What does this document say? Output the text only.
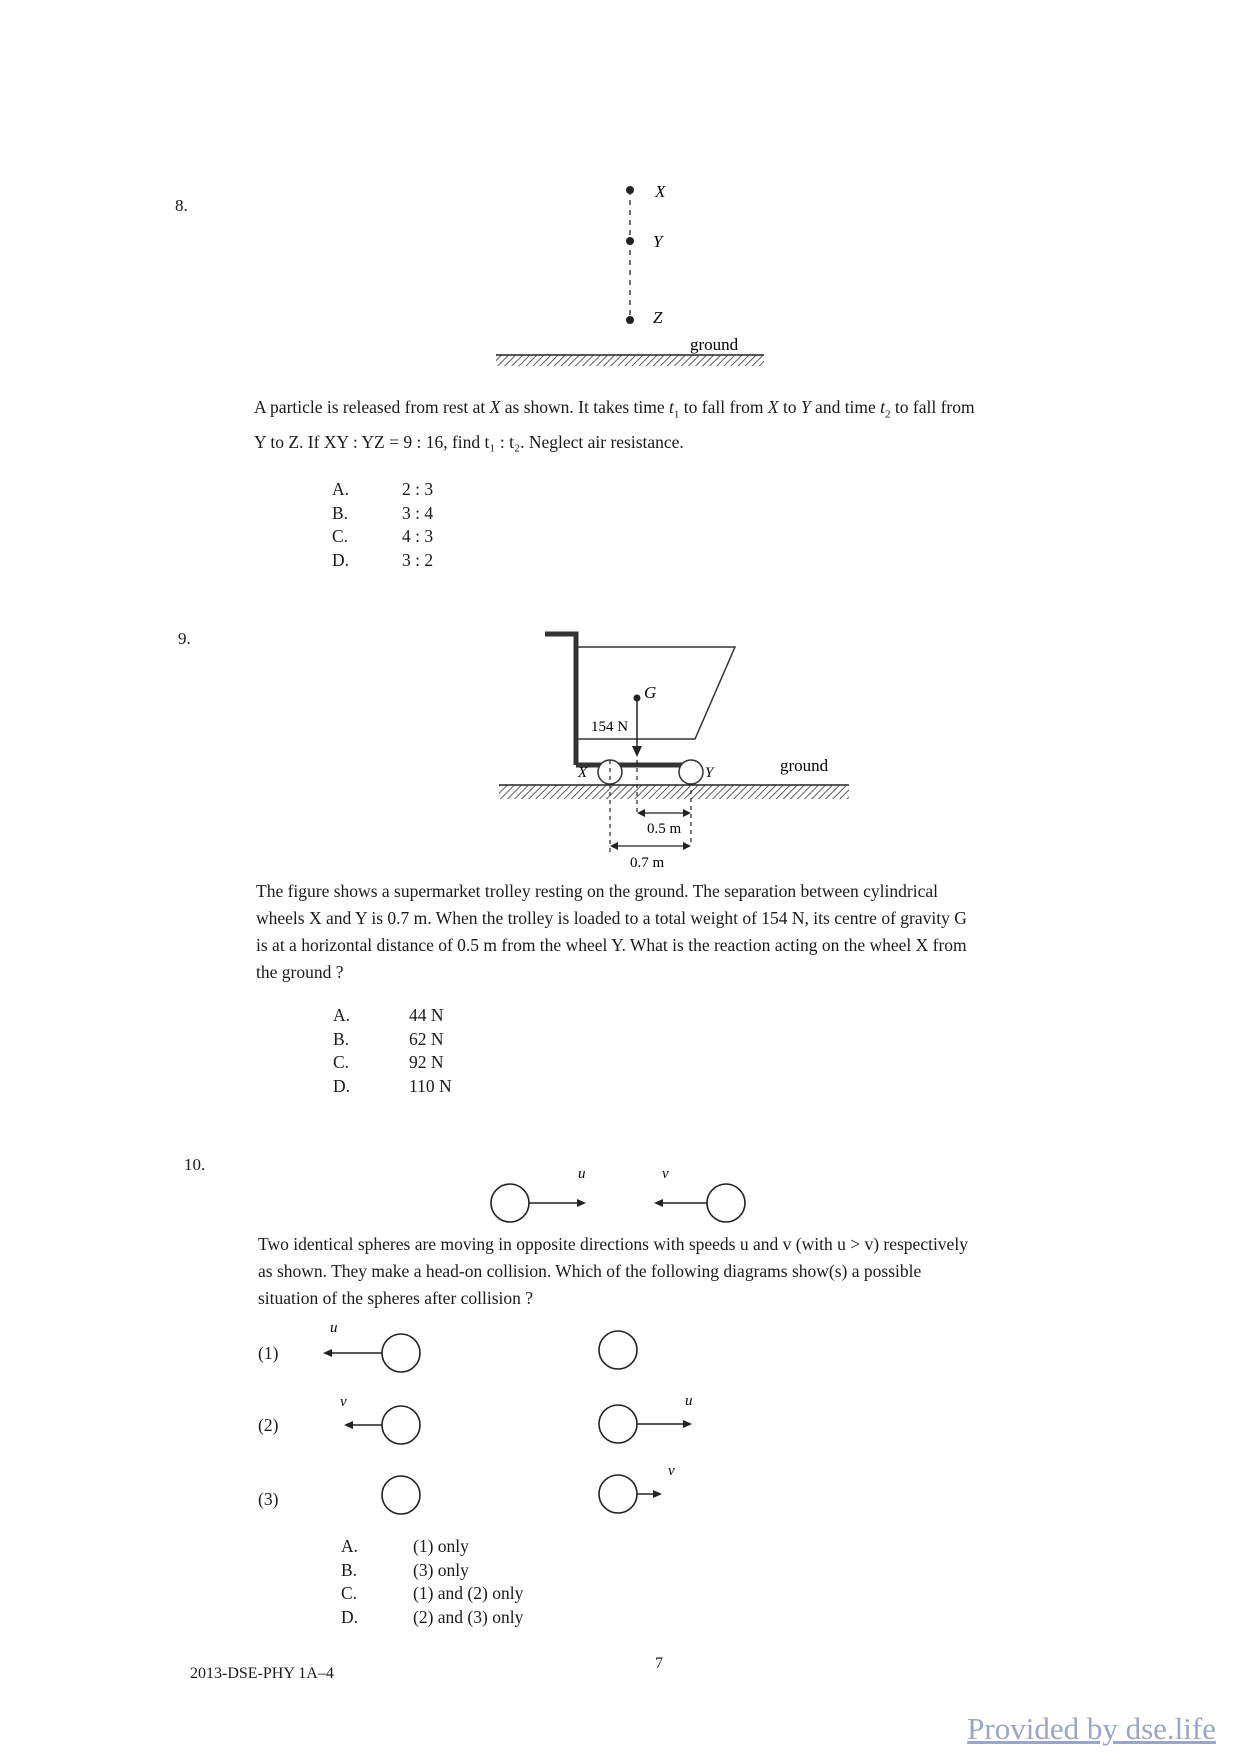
8.
X
Y
Z
ground
A particle is released from rest at X as shown. It takes time $t_1$ to fall from X to Y and time $t_2$ to fall from
Y to Z. If XY : YZ = 9 : 16, find t₁ : t₂. Neglect air resistance.
A.	2 : 3
B.	3 : 4
C.	4 : 3
D.	3 : 2
9.
G
154 N
X	Y	ground
0.5 m
0.7 m
The figure shows a supermarket trolley resting on the ground. The separation between cylindrical
wheels X and Y is 0.7 m. When the trolley is loaded to a total weight of 154 N, its centre of gravity G
is at a horizontal distance of 0.5 m from the wheel Y. What is the reaction acting on the wheel X from
the ground ?
A.	44 N
B.	62 N
C.	92 N
D.	110 N
10.	u	v
Two identical spheres are moving in opposite directions with speeds u and v (with u > v) respectively
as shown. They make a head-on collision. Which of the following diagrams show(s) a possible
situation of the spheres after collision ?
(1)
(2)
(3)
u
v	u
v
A.	(1) only
B.	(3) only
C.	(1) and (2) only
D.	(2) and (3) only
2013-DSE-PHY 1A–4
7
Provided by dse.life
